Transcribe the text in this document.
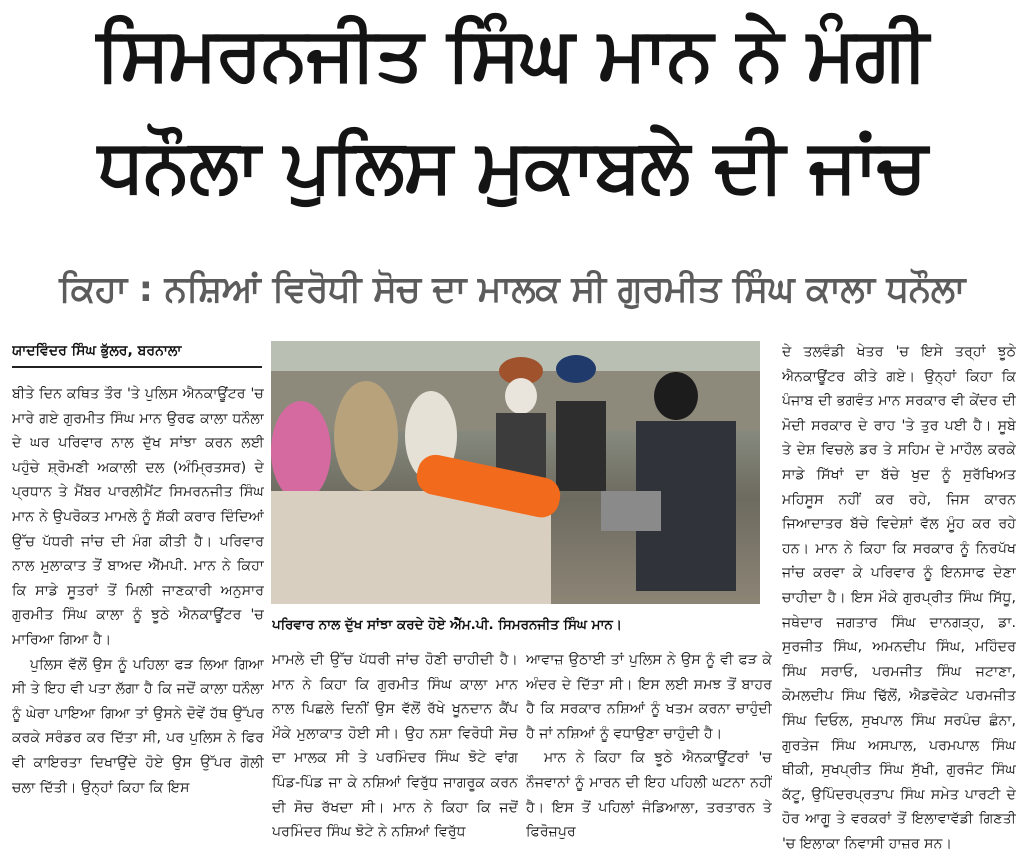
ਸਿਮਰਨਜੀਤ ਸਿੰਘ ਮਾਨ ਨੇ ਮੰਗੀ
ਧਨੌਲਾ ਪੁਲਿਸ ਮੁਕਾਬਲੇ ਦੀ ਜਾਂਚ
ਕਿਹਾ : ਨਸ਼ਿਆਂ ਵਿਰੋਧੀ ਸੋਚ ਦਾ ਮਾਲਕ ਸੀ ਗੁਰਮੀਤ ਸਿੰਘ ਕਾਲਾ ਧਨੌਲਾ
ਯਾਦਵਿੰਦਰ ਸਿੰਘ ਭੁੱਲਰ, ਬਰਨਾਲਾ

ਬੀਤੇ ਦਿਨ ਕਥਿਤ ਤੌਰ 'ਤੇ ਪੁਲਿਸ ਐਨਕਾਊਂਟਰ 'ਚ ਮਾਰੇ ਗਏ ਗੁਰਮੀਤ ਸਿੰਘ ਮਾਨ ਉਰਫ ਕਾਲਾ ਧਨੌਲਾ ਦੇ ਘਰ ਪਰਿਵਾਰ ਨਾਲ ਦੁੱਖ ਸਾਂਝਾ ਕਰਨ ਲਈ ਪਹੁੰਚੇ ਸ਼੍ਰੋਮਣੀ ਅਕਾਲੀ ਦਲ (ਅੰਮ੍ਰਿਤਸਰ) ਦੇ ਪ੍ਰਧਾਨ ਤੇ ਮੈਂਬਰ ਪਾਰਲੀਮੈਂਟ ਸਿਮਰਨਜੀਤ ਸਿੰਘ ਮਾਨ ਨੇ ਉਪਰੋਕਤ ਮਾਮਲੇ ਨੂੰ ਸ਼ੱਕੀ ਕਰਾਰ ਦਿੰਦਿਆਂ ਉੱਚ ਪੱਧਰੀ ਜਾਂਚ ਦੀ ਮੰਗ ਕੀਤੀ ਹੈ। ਪਰਿਵਾਰ ਨਾਲ ਮੁਲਾਕਾਤ ਤੋਂ ਬਾਅਦ ਐੱਮਪੀ. ਮਾਨ ਨੇ ਕਿਹਾ ਕਿ ਸਾਡੇ ਸੂਤਰਾਂ ਤੋਂ ਮਿਲੀ ਜਾਣਕਾਰੀ ਅਨੁਸਾਰ ਗੁਰਮੀਤ ਸਿੰਘ ਕਾਲਾ ਨੂੰ ਝੂਠੇ ਐਨਕਾਊਂਟਰ 'ਚ ਮਾਰਿਆ ਗਿਆ ਹੈ।

ਪੁਲਿਸ ਵੱਲੋਂ ਉਸ ਨੂੰ ਪਹਿਲਾ ਫੜ ਲਿਆ ਗਿਆ ਸੀ ਤੇ ਇਹ ਵੀ ਪਤਾ ਲੱਗਾ ਹੈ ਕਿ ਜਦੋਂ ਕਾਲਾ ਧਨੌਲਾ ਨੂੰ ਘੇਰਾ ਪਾਇਆ ਗਿਆ ਤਾਂ ਉਸਨੇ ਦੋਵੇਂ ਹੱਥ ਉੱਪਰ ਕਰਕੇ ਸਰੰਡਰ ਕਰ ਦਿੱਤਾ ਸੀ, ਪਰ ਪੁਲਿਸ ਨੇ ਫਿਰ ਵੀ ਕਾਇਰਤਾ ਦਿਖਾਉਂਦੇ ਹੋਏ ਉਸ ਉੱਪਰ ਗੋਲੀ ਚਲਾ ਦਿੱਤੀ। ਉਨ੍ਹਾਂ ਕਿਹਾ ਕਿ ਇਸ

ਪਰਿਵਾਰ ਨਾਲ ਦੁੱਖ ਸਾਂਝਾ ਕਰਦੇ ਹੋਏ ਐੱਮ.ਪੀ. ਸਿਮਰਨਜੀਤ ਸਿੰਘ ਮਾਨ।

ਮਾਮਲੇ ਦੀ ਉੱਚ ਪੱਧਰੀ ਜਾਂਚ ਹੋਣੀ ਚਾਹੀਦੀ ਹੈ। ਮਾਨ ਨੇ ਕਿਹਾ ਕਿ ਗੁਰਮੀਤ ਸਿੰਘ ਕਾਲਾ ਮਾਨ ਨਾਲ ਪਿਛਲੇ ਦਿਨੀਂ ਉਸ ਵੱਲੋਂ ਰੱਖੇ ਖੂਨਦਾਨ ਕੈਂਪ ਮੌਕੇ ਮੁਲਾਕਾਤ ਹੋਈ ਸੀ। ਉਹ ਨਸ਼ਾ ਵਿਰੋਧੀ ਸੋਚ ਦਾ ਮਾਲਕ ਸੀ ਤੇ ਪਰਮਿੰਦਰ ਸਿੰਘ ਝੋਟੇ ਵਾਂਗ ਪਿੰਡ-ਪਿੰਡ ਜਾ ਕੇ ਨਸ਼ਿਆਂ ਵਿਰੁੱਧ ਜਾਗਰੂਕ ਕਰਨ ਦੀ ਸੋਚ ਰੱਖਦਾ ਸੀ। ਮਾਨ ਨੇ ਕਿਹਾ ਕਿ ਜਦੋਂ ਪਰਮਿੰਦਰ ਸਿੰਘ ਝੋਟੇ ਨੇ ਨਸ਼ਿਆਂ ਵਿਰੁੱਧ

ਆਵਾਜ਼ ਉਠਾਈ ਤਾਂ ਪੁਲਿਸ ਨੇ ਉਸ ਨੂੰ ਵੀ ਫੜ ਕੇ ਅੰਦਰ ਦੇ ਦਿੱਤਾ ਸੀ। ਇਸ ਲਈ ਸਮਝ ਤੋਂ ਬਾਹਰ ਹੈ ਕਿ ਸਰਕਾਰ ਨਸ਼ਿਆਂ ਨੂੰ ਖਤਮ ਕਰਨਾ ਚਾਹੁੰਦੀ ਹੈ ਜਾਂ ਨਸ਼ਿਆਂ ਨੂੰ ਵਧਾਉਣਾ ਚਾਹੁੰਦੀ ਹੈ।

ਮਾਨ ਨੇ ਕਿਹਾ ਕਿ ਝੂਠੇ ਐਨਕਾਊਂਟਰਾਂ 'ਚ ਨੌਜਵਾਨਾਂ ਨੂੰ ਮਾਰਨ ਦੀ ਇਹ ਪਹਿਲੀ ਘਟਨਾ ਨਹੀਂ ਹੈ। ਇਸ ਤੋਂ ਪਹਿਲਾਂ ਜੰਡਿਆਲਾ, ਤਰਤਾਰਨ ਤੇ ਫਿਰੋਜ਼ਪੁਰ

ਦੇ ਤਲਵੰਡੀ ਖੇਤਰ 'ਚ ਇਸੇ ਤਰ੍ਹਾਂ ਝੂਠੇ ਐਨਕਾਊਂਟਰ ਕੀਤੇ ਗਏ। ਉਨ੍ਹਾਂ ਕਿਹਾ ਕਿ ਪੰਜਾਬ ਦੀ ਭਗਵੰਤ ਮਾਨ ਸਰਕਾਰ ਵੀ ਕੇਂਦਰ ਦੀ ਮੋਦੀ ਸਰਕਾਰ ਦੇ ਰਾਹ 'ਤੇ ਤੁਰ ਪਈ ਹੈ। ਸੂਬੇ ਤੇ ਦੇਸ਼ ਵਿਚਲੇ ਡਰ ਤੇ ਸਹਿਮ ਦੇ ਮਾਹੌਲ ਕਰਕੇ ਸਾਡੇ ਸਿੱਖਾਂ ਦਾ ਬੱਚੇ ਖੁਦ ਨੂੰ ਸੁਰੱਖਿਅਤ ਮਹਿਸੂਸ ਨਹੀਂ ਕਰ ਰਹੇ, ਜਿਸ ਕਾਰਨ ਜਿਆਦਾਤਰ ਬੱਚੇ ਵਿਦੇਸ਼ਾਂ ਵੱਲ ਮੂੰਹ ਕਰ ਰਹੇ ਹਨ। ਮਾਨ ਨੇ ਕਿਹਾ ਕਿ ਸਰਕਾਰ ਨੂੰ ਨਿਰਪੱਖ ਜਾਂਚ ਕਰਵਾ ਕੇ ਪਰਿਵਾਰ ਨੂੰ ਇਨਸਾਫ ਦੇਣਾ ਚਾਹੀਦਾ ਹੈ। ਇਸ ਮੌਕੇ ਗੁਰਪ੍ਰੀਤ ਸਿੰਘ ਸਿੱਧੂ, ਜਥੇਦਾਰ ਜਗਤਾਰ ਸਿੰਘ ਦਾਨਗੜ੍ਹ, ਡਾ. ਸੁਰਜੀਤ ਸਿੰਘ, ਅਮਨਦੀਪ ਸਿੰਘ, ਮਹਿੰਦਰ ਸਿੰਘ ਸਰਾਓ, ਪਰਮਜੀਤ ਸਿੰਘ ਜਟਾਣਾ, ਕੋਮਲਦੀਪ ਸਿੰਘ ਢਿੱਲੋਂ, ਐਡਵੋਕੇਟ ਪਰਮਜੀਤ ਸਿੰਘ ਦਿਓਲ, ਸੁਖਪਾਲ ਸਿੰਘ ਸਰਪੰਚ ਛੰਨਾ, ਗੁਰਤੇਜ ਸਿੰਘ ਅਸਪਾਲ, ਪਰਮਪਾਲ ਸਿੰਘ ਥੀਕੀ, ਸੁਖਪ੍ਰੀਤ ਸਿੰਘ ਸੁੱਖੀ, ਗੁਰਜੰਟ ਸਿੰਘ ਕੱਟੂ, ਉਪਿੰਦਰਪ੍ਰਤਾਪ ਸਿੰਘ ਸਮੇਤ ਪਾਰਟੀ ਦੇ ਹੋਰ ਆਗੂ ਤੇ ਵਰਕਰਾਂ ਤੋਂ ਇਲਾਵਾਵੱਡੀ ਗਿਣਤੀ 'ਚ ਇਲਾਕਾ ਨਿਵਾਸੀ ਹਾਜ਼ਰ ਸਨ।
